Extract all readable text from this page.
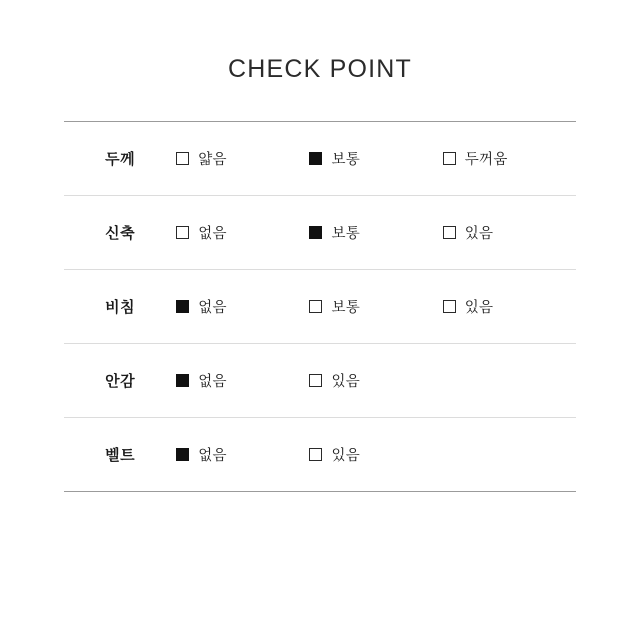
CHECK POINT
두께	얇음	보통	두꺼움

신축	없음	보통	있음

비침	없음	보통	있음

안감	없음	있음	

벨트	없음	있음	
